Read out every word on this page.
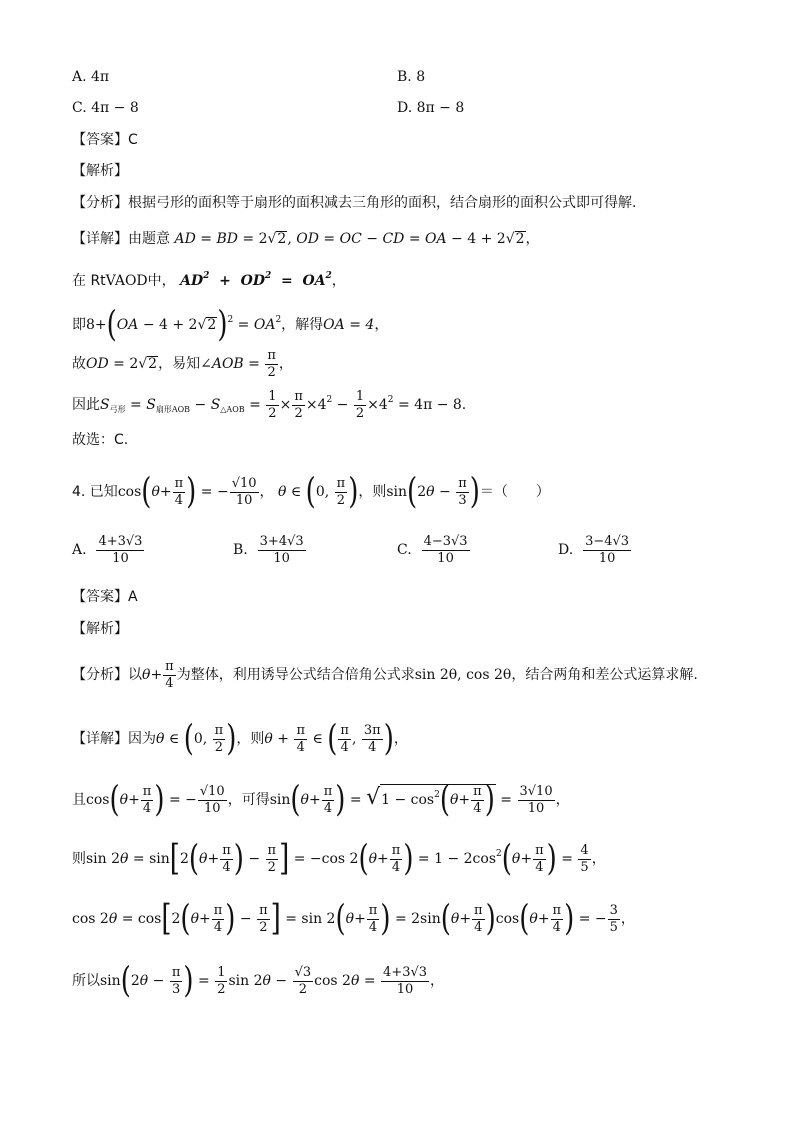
A. 4π	B. 8
C. 4π − 8	D. 8π − 8
【答案】C
【解析】
【分析】根据弓形的面积等于扇形的面积减去三角形的面积，结合扇形的面积公式即可得解.
【详解】由题意 AD = BD = 2√2, OD = OC − CD = OA − 4 + 2√2，
在 RtVAOD中， $AD^2 + OD^2 = OA^2$，
即$8+(OA - 4 + 2√2)^2 = OA^2$，解得OA = 4，
故OD = 2√2，易知∠AOB = $\frac{\pi}{2}$ ，
因此$S_{弓形} = S_{扇形AOB} - S_{\triangle AOB} = \frac{1}{2} \times \frac{\pi}{2} \times 4^2 - \frac{1}{2} \times 4^2 = 4\pi - 8$.
故选：C.
4. 已知$\cos(\theta+ \frac{\pi}{4}$ ) = − $\frac{√10}{10}$ ， θ ∈ (0, $\frac{\pi}{2}$ )，则$\sin(2\theta - \frac{\pi}{3}$ )＝（　　）
A. $\frac{4+3√3}{10}$	B. $\frac{3+4√3}{10}$	C. $\frac{4-3√3}{10}$	D. $\frac{3-4√3}{10}$
【答案】A
【解析】
【分析】以$\theta+ \frac{\pi}{4}$ 为整体，利用诱导公式结合倍角公式求sin 2θ, cos 2θ，结合两角和差公式运算求解.
【详解】因为θ ∈ (0, $\frac{\pi}{2}$ )，则$\theta + \frac{\pi}{4}$ ∈ ( $\frac{\pi}{4}$ , $\frac{3\pi}{4}$ )，
且$\cos(\theta+ \frac{\pi}{4}$ ) = − $\frac{√10}{10}$ ，可得$\sin(\theta+ \frac{\pi}{4}$ ) = $√1 - \cos^2(\theta+ \frac{\pi}{4}$ ) = $\frac{3√10}{10}$ ，
则$\sin 2\theta = \sin[2(\theta+ \frac{\pi}{4}$ ) − $\frac{\pi}{2}$ ] = −cos $2(\theta+ \frac{\pi}{4}$ ) = $1 - 2\cos^2(\theta+ \frac{\pi}{4}$ ) = $\frac{4}{5}$ ，
$\cos 2\theta = \cos[2(\theta+ \frac{\pi}{4}$ ) − $\frac{\pi}{2}$ ] = $\sin 2(\theta+ \frac{\pi}{4}$ ) = $2\sin(\theta+ \frac{\pi}{4} )\cos(\theta+ \frac{\pi}{4}$ ) = − $\frac{3}{5}$ ，
所以$\sin(2\theta - \frac{\pi}{3}$ ) = $\frac{1}{2}$ $\sin 2\theta - \frac{√3}{2}$ $\cos 2\theta = \frac{4+3√3}{10}$ ，
